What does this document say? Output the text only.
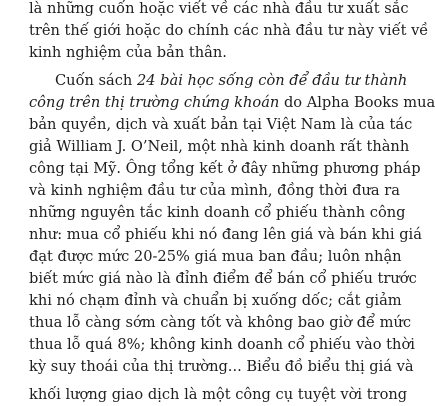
là những cuốn hoặc viết về các nhà đầu tư xuất sắc
trên thế giới hoặc do chính các nhà đầu tư này viết về
kinh nghiệm của bản thân.
Cuốn sách 24 bài học sống còn để đầu tư thành
công trên thị trường chứng khoán do Alpha Books mua
bản quyền, dịch và xuất bản tại Việt Nam là của tác
giả William J. O’Neil, một nhà kinh doanh rất thành
công tại Mỹ. Ông tổng kết ở đây những phương pháp
và kinh nghiệm đầu tư của mình, đồng thời đưa ra
những nguyên tắc kinh doanh cổ phiếu thành công
như: mua cổ phiếu khi nó đang lên giá và bán khi giá
đạt được mức 20-25% giá mua ban đầu; luôn nhận
biết mức giá nào là đỉnh điểm để bán cổ phiếu trước
khi nó chạm đỉnh và chuẩn bị xuống dốc; cắt giảm
thua lỗ càng sớm càng tốt và không bao giờ để mức
thua lỗ quá 8%; không kinh doanh cổ phiếu vào thời
kỳ suy thoái của thị trường... Biểu đồ biểu thị giá và
khối lượng giao dịch là một công cụ tuyệt vời trong
